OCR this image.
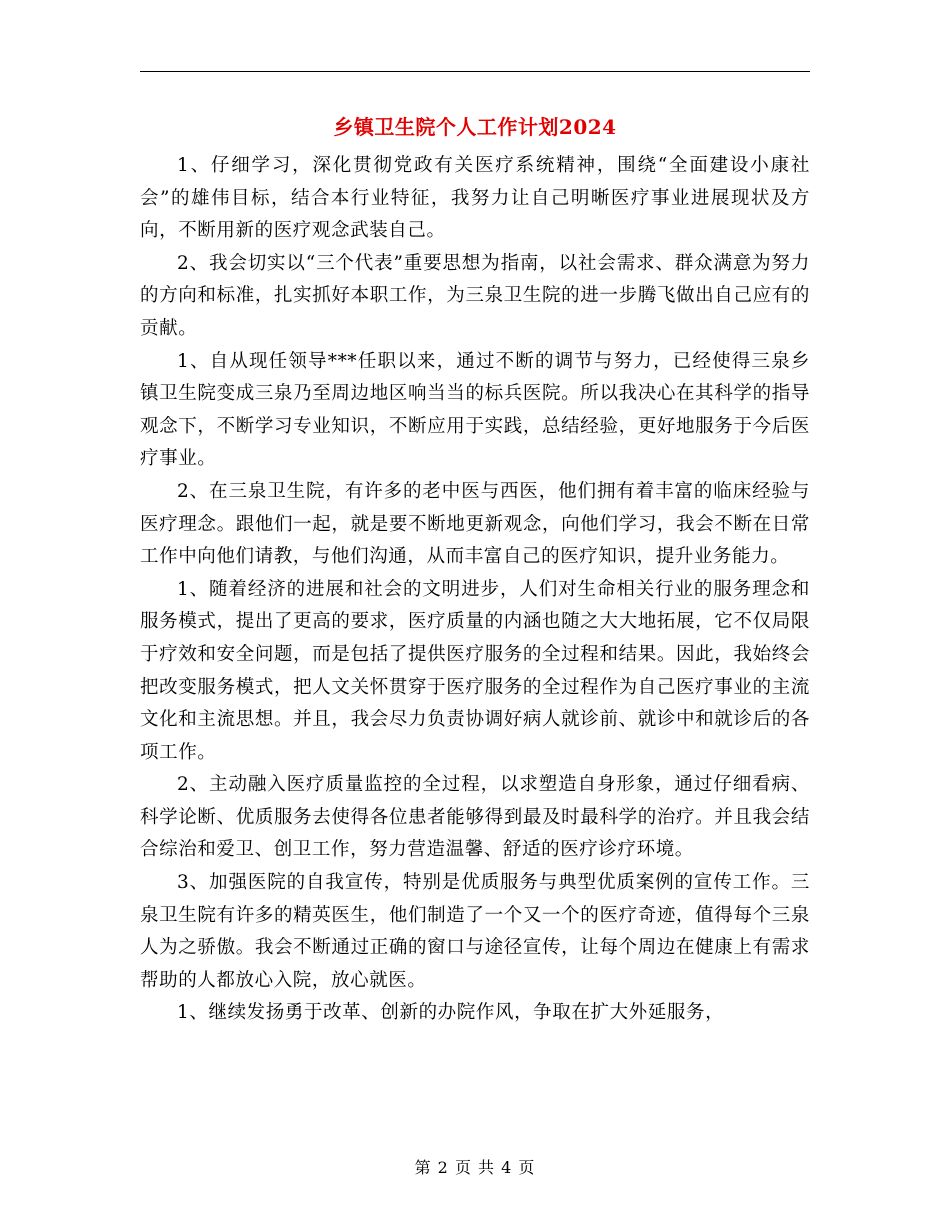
乡镇卫生院个人工作计划2024

1、仔细学习，深化贯彻党政有关医疗系统精神，围绕“全面建设小康社会”的雄伟目标，结合本行业特征，我努力让自己明晰医疗事业进展现状及方向，不断用新的医疗观念武装自己。

2、我会切实以“三个代表”重要思想为指南，以社会需求、群众满意为努力的方向和标准，扎实抓好本职工作，为三泉卫生院的进一步腾飞做出自己应有的贡献。

1、自从现任领导***任职以来，通过不断的调节与努力，已经使得三泉乡镇卫生院变成三泉乃至周边地区响当当的标兵医院。所以我决心在其科学的指导观念下，不断学习专业知识，不断应用于实践，总结经验，更好地服务于今后医疗事业。

2、在三泉卫生院，有许多的老中医与西医，他们拥有着丰富的临床经验与医疗理念。跟他们一起，就是要不断地更新观念，向他们学习，我会不断在日常工作中向他们请教，与他们沟通，从而丰富自己的医疗知识，提升业务能力。

1、随着经济的进展和社会的文明进步，人们对生命相关行业的服务理念和服务模式，提出了更高的要求，医疗质量的内涵也随之大大地拓展，它不仅局限于疗效和安全问题，而是包括了提供医疗服务的全过程和结果。因此，我始终会把改变服务模式，把人文关怀贯穿于医疗服务的全过程作为自己医疗事业的主流文化和主流思想。并且，我会尽力负责协调好病人就诊前、就诊中和就诊后的各项工作。

2、主动融入医疗质量监控的全过程，以求塑造自身形象，通过仔细看病、科学论断、优质服务去使得各位患者能够得到最及时最科学的治疗。并且我会结合综治和爱卫、创卫工作，努力营造温馨、舒适的医疗诊疗环境。

3、加强医院的自我宣传，特别是优质服务与典型优质案例的宣传工作。三泉卫生院有许多的精英医生，他们制造了一个又一个的医疗奇迹，值得每个三泉人为之骄傲。我会不断通过正确的窗口与途径宣传，让每个周边在健康上有需求帮助的人都放心入院，放心就医。

1、继续发扬勇于改革、创新的办院作风，争取在扩大外延服务，

第 2 页 共 4 页
